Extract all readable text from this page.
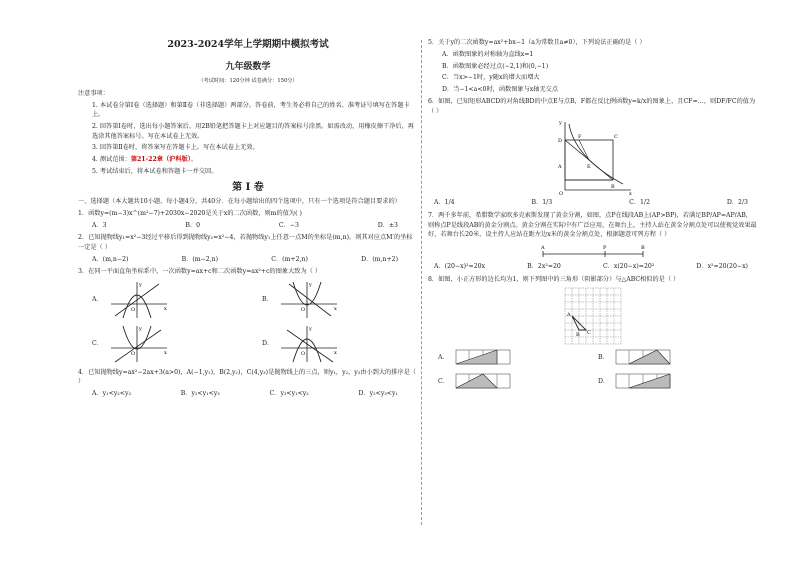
2023-2024学年上学期期中模拟考试
九年级数学
（考试时间：120分钟 试卷满分：150分）
注意事项：
1. 本试卷分第Ⅰ卷（选择题）和第Ⅱ卷（非选择题）两部分。答卷前，考生务必将自己的姓名、准考证号填写在答题卡上。
2. 回答第Ⅰ卷时，选出每小题答案后，用2B铅笔把答题卡上对应题目的答案标号涂黑。如需改动，用橡皮擦干净后，再选涂其他答案标号。写在本试卷上无效。
3. 回答第Ⅱ卷时，将答案写在答题卡上。写在本试卷上无效。
4. 测试范围：第21-22章（沪科版）。
5. 考试结束后，将本试卷和答题卡一并交回。
第 Ⅰ 卷
一、选择题（本大题共10小题，每小题4分，共40分．在每小题给出的四个选项中，只有一个选项是符合题目要求的）
1．函数y=(m−3)x^(m²−7)+2030x−2020是关于x的二次函数，则m的值为( )
A．3	B．0	C．−3	D．±3
2．已知抛物线y₁=x²−3经过平移后得到抛物线y₂=x²−4，若抛物线y₁上任意一点M的坐标是(m,n)，则其对应点M′的坐标一定是（ ）
A．(m,n−2)	B．(m−2,n)	C．(m+2,n)	D．(m,n+2)
3．在同一平面直角坐标系中，一次函数y=ax+c和二次函数y=ax²+c的图象大致为（ ）
A．
x
y
O
B．
x
y
O
C．
x
y
O
D．
x
y
O
4．已知抛物线y=ax²−2ax+3(a>0)，A(−1,y₁)，B(2,y₂)，C(4,y₃)是抛物线上的三点，则y₁，y₂，y₃由小到大的排序是（ ）
A．y₁<y₂<y₃	B．y₂<y₁<y₃	C．y₃<y₁<y₂	D．y₂<y₃<y₁
5．关于y的二次函数y=ax²+bx−1（a为常数且a≠0），下列说法正确的是（ ）
A．函数图象的对称轴为直线x=1
B．函数图象必经过点(−2,1)和(0,−1)
C．当x>−1时，y随x的增大而增大
D．当−1<a<0时，函数图象与x轴无交点
6．如图，已知矩形ABCD的对角线BD的中点E与点B，F都在反比例函数y=k/x的图象上，且CF=…，则DF/FC的值为（ ）
y
D
F	C
A	E
O
B
x
A．1/4	B．1/3	C．1/2	D．2/3
7．两千多年前，希腊数学家欧多克索斯发现了黄金分割，如图，点P在线段AB上(AP>BP)，若满足BP/AP=AP/AB，则称点P是线段AB的黄金分割点。黄金分割在实际中有广泛应用，在舞台上，主持人站在黄金分割点处可以使视觉效果最好，若舞台长20米，设主持人应站在距左边x米的黄金分割点处，根据题意可列方程（ ）
A	P	B
A．(20−x)²=20x	B．2x²=20	C．x(20−x)=20²	D．x²=20(20−x)
8．如图，小正方形的边长均为1，则下列图中的三角形（阴影部分）与△ABC相似的是（ ）
A
B C
A．	B．
C．	D．
